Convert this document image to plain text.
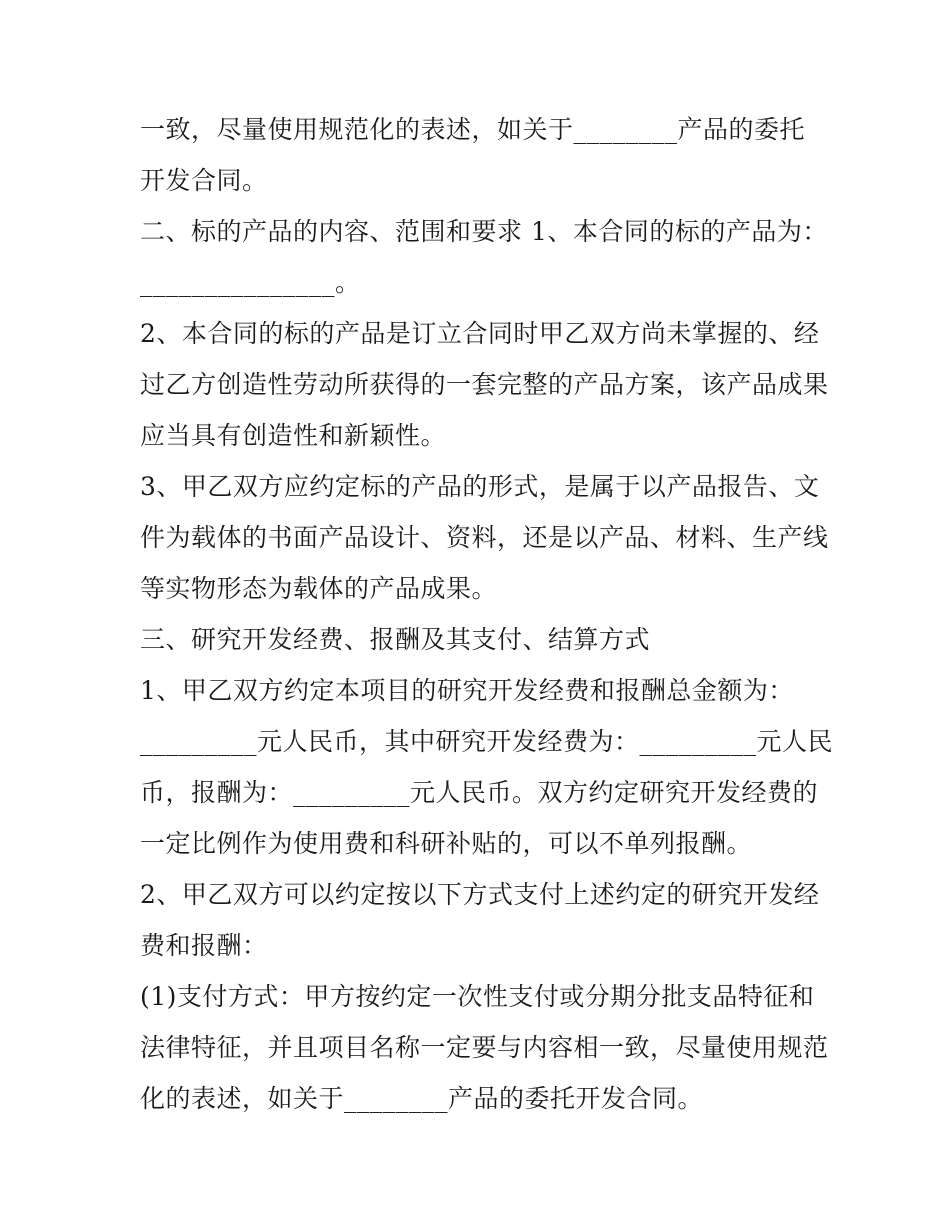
一致，尽量使用规范化的表述，如关于________产品的委托
开发合同。
二、标的产品的内容、范围和要求 1、本合同的标的产品为：
_______________。
2、本合同的标的产品是订立合同时甲乙双方尚未掌握的、经
过乙方创造性劳动所获得的一套完整的产品方案，该产品成果
应当具有创造性和新颖性。
3、甲乙双方应约定标的产品的形式，是属于以产品报告、文
件为载体的书面产品设计、资料，还是以产品、材料、生产线
等实物形态为载体的产品成果。
三、研究开发经费、报酬及其支付、结算方式
1、甲乙双方约定本项目的研究开发经费和报酬总金额为：
_________元人民币，其中研究开发经费为：_________元人民
币，报酬为：_________元人民币。双方约定研究开发经费的
一定比例作为使用费和科研补贴的，可以不单列报酬。
2、甲乙双方可以约定按以下方式支付上述约定的研究开发经
费和报酬：
(1)支付方式：甲方按约定一次性支付或分期分批支品特征和
法律特征，并且项目名称一定要与内容相一致，尽量使用规范
化的表述，如关于________产品的委托开发合同。
